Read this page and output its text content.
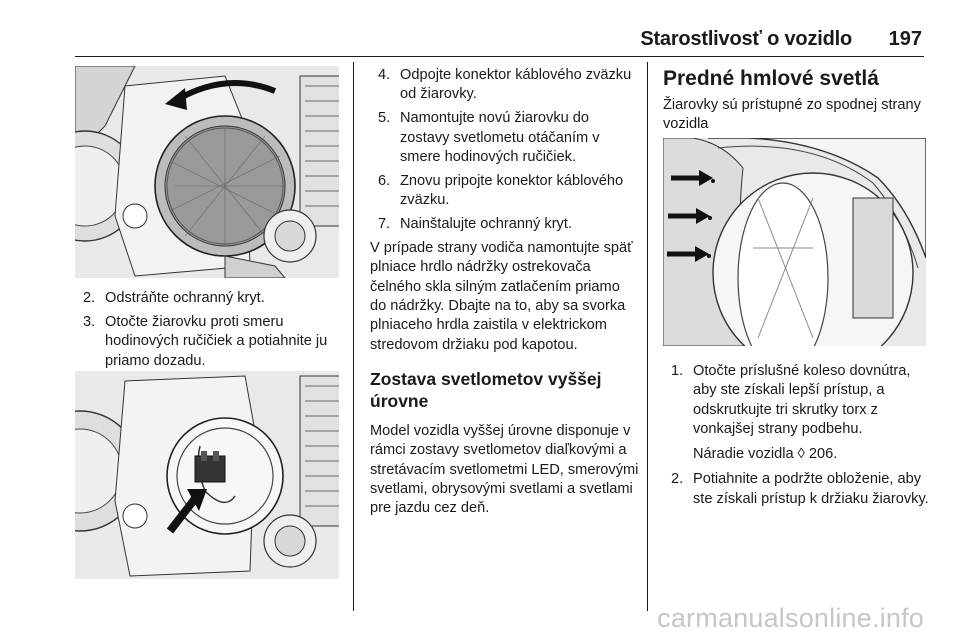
Starostlivosť o vozidlo 197
2. Odstráňte ochranný kryt.
3. Otočte žiarovku proti smeru hodinových ručičiek a potiahnite ju priamo dozadu.
4. Odpojte konektor káblového zväzku od žiarovky.
5. Namontujte novú žiarovku do zostavy svetlometu otáčaním v smere hodinových ručičiek.
6. Znovu pripojte konektor káblového zväzku.
7. Nainštalujte ochranný kryt.

V prípade strany vodiča namontujte späť plniace hrdlo nádržky ostrekovača čelného skla silným zatlačením priamo do nádržky. Dbajte na to, aby sa svorka plniaceho hrdla zaistila v elektrickom stredovom držiaku pod kapotou.

Zostava svetlometov vyššej úrovne

Model vozidla vyššej úrovne disponuje v rámci zostavy svetlometov diaľkovými a stretávacím svetlometmi LED, smerovými svetlami, obrysovými svetlami a svetlami pre jazdu cez deň.

Predné hmlové svetlá

Žiarovky sú prístupné zo spodnej strany vozidla

1. Otočte príslušné koleso dovnútra, aby ste získali lepší prístup, a odskrutkujte tri skrutky torx z vonkajšej strany podbehu.
Náradie vozidla ◊ 206.
2. Potiahnite a podržte obloženie, aby ste získali prístup k držiaku žiarovky.
carmanualsonline.info
